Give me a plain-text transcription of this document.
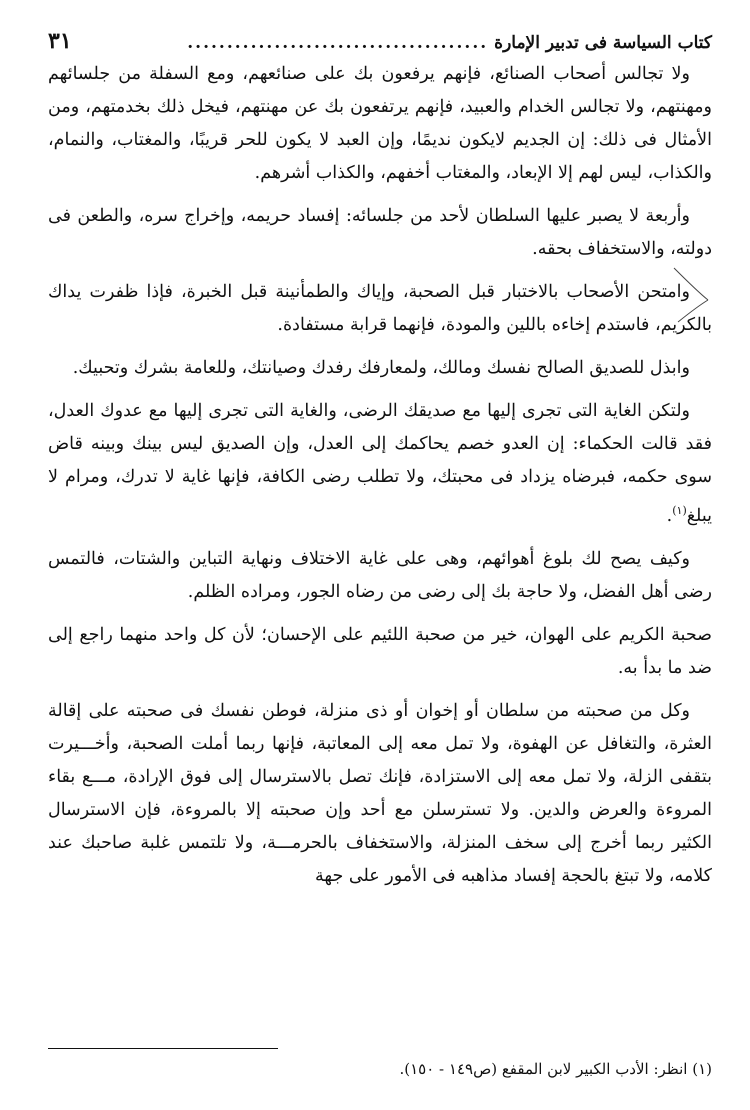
كتاب السياسة فى تدبير الإمارة
......................................
٣١

ولا تجالس أصحاب الصنائع، فإنهم يرفعون بك على صنائعهم، ومع السفلة من جلسائهم ومهنتهم، ولا تجالس الخدام والعبيد، فإنهم يرتفعون بك عن مهنتهم، فيخل ذلك بخدمتهم، ومن الأمثال فى ذلك: إن الجديم لايكون نديمًا، وإن العبد لا يكون للحر قريبًا، والمغتاب، والنمام، والكذاب، ليس لهم إلا الإبعاد، والمغتاب أخفهم، والكذاب أشرهم.

وأربعة لا يصبر عليها السلطان لأحد من جلسائه: إفساد حريمه، وإخراج سره، والطعن فى دولته، والاستخفاف بحقه.

وامتحن الأصحاب بالاختبار قبل الصحبة، وإياك والطمأنينة قبل الخبرة، فإذا ظفرت يداك بالكريم، فاستدم إخاءه باللين والمودة، فإنهما قرابة مستفادة.

وابذل للصديق الصالح نفسك ومالك، ولمعارفك رفدك وصيانتك، وللعامة بشرك وتحبيك.

ولتكن الغاية التى تجرى إليها مع صديقك الرضى، والغاية التى تجرى إليها مع عدوك العدل، فقد قالت الحكماء: إن العدو خصم يحاكمك إلى العدل، وإن الصديق ليس بينك وبينه قاض سوى حكمه، فبرضاه يزداد فى محبتك، ولا تطلب رضى الكافة، فإنها غاية لا تدرك، ومرام لا يبلغ$^{(١)}$.

وكيف يصح لك بلوغ أهوائهم، وهى على غاية الاختلاف ونهاية التباين والشتات، فالتمس رضى أهل الفضل، ولا حاجة بك إلى رضى من رضاه الجور، ومراده الظلم.

صحبة الكريم على الهوان، خير من صحبة اللئيم على الإحسان؛ لأن كل واحد منهما راجع إلى ضد ما بدأ به.

وكل من صحبته من سلطان أو إخوان أو ذى منزلة، فوطن نفسك فى صحبته على إقالة العثرة، والتغافل عن الهفوة، ولا تمل معه إلى المعاتبة، فإنها ربما أملت الصحبة، وأخـــيرت بتقفى الزلة، ولا تمل معه إلى الاستزادة، فإنك تصل بالاسترسال إلى فوق الإرادة، مـــع بقاء المروءة والعرض والدين. ولا تسترسلن مع أحد وإن صحبته إلا بالمروءة، فإن الاسترسال الكثير ربما أخرج إلى سخف المنزلة، والاستخفاف بالحرمـــة، ولا تلتمس غلبة صاحبك عند كلامه، ولا تبتغ بالحجة إفساد مذاهبه فى الأمور على جهة

(١) انظر: الأدب الكبير لابن المقفع (ص١٤٩ - ١٥٠).
